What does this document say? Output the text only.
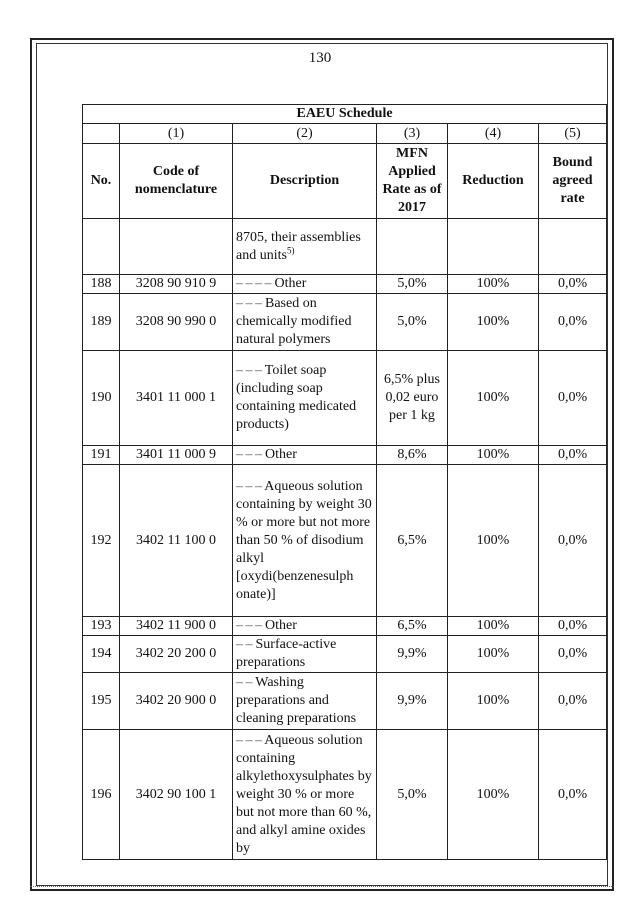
130
EAEU Schedule					
	(1)	(2)	(3)	(4)	(5)
No.	Code of nomenclature	Description	MFN Applied Rate as of 2017	Reduction	Bound agreed rate
		8705, their assemblies and units$^{5)}$			
188	3208 90 910 9	– – – – Other	5,0%	100%	0,0%
189	3208 90 990 0	– – – Based on chemically modified natural polymers	5,0%	100%	0,0%
190	3401 11 000 1	– – – Toilet soap (including soap containing medicated products)	6,5% plus 0,02 euro per 1 kg	100%	0,0%
191	3401 11 000 9	– – – Other	8,6%	100%	0,0%
192	3402 11 100 0	– – – Aqueous solution containing by weight 30 % or more but not more than 50 % of disodium alkyl [oxydi(benzenesulph onate)]	6,5%	100%	0,0%
193	3402 11 900 0	– – – Other	6,5%	100%	0,0%
194	3402 20 200 0	– – Surface-active preparations	9,9%	100%	0,0%
195	3402 20 900 0	– – Washing preparations and cleaning preparations	9,9%	100%	0,0%
196	3402 90 100 1	– – – Aqueous solution containing alkylethoxysulphates by weight 30 % or more but not more than 60 %, and alkyl amine oxides by	5,0%	100%	0,0%
